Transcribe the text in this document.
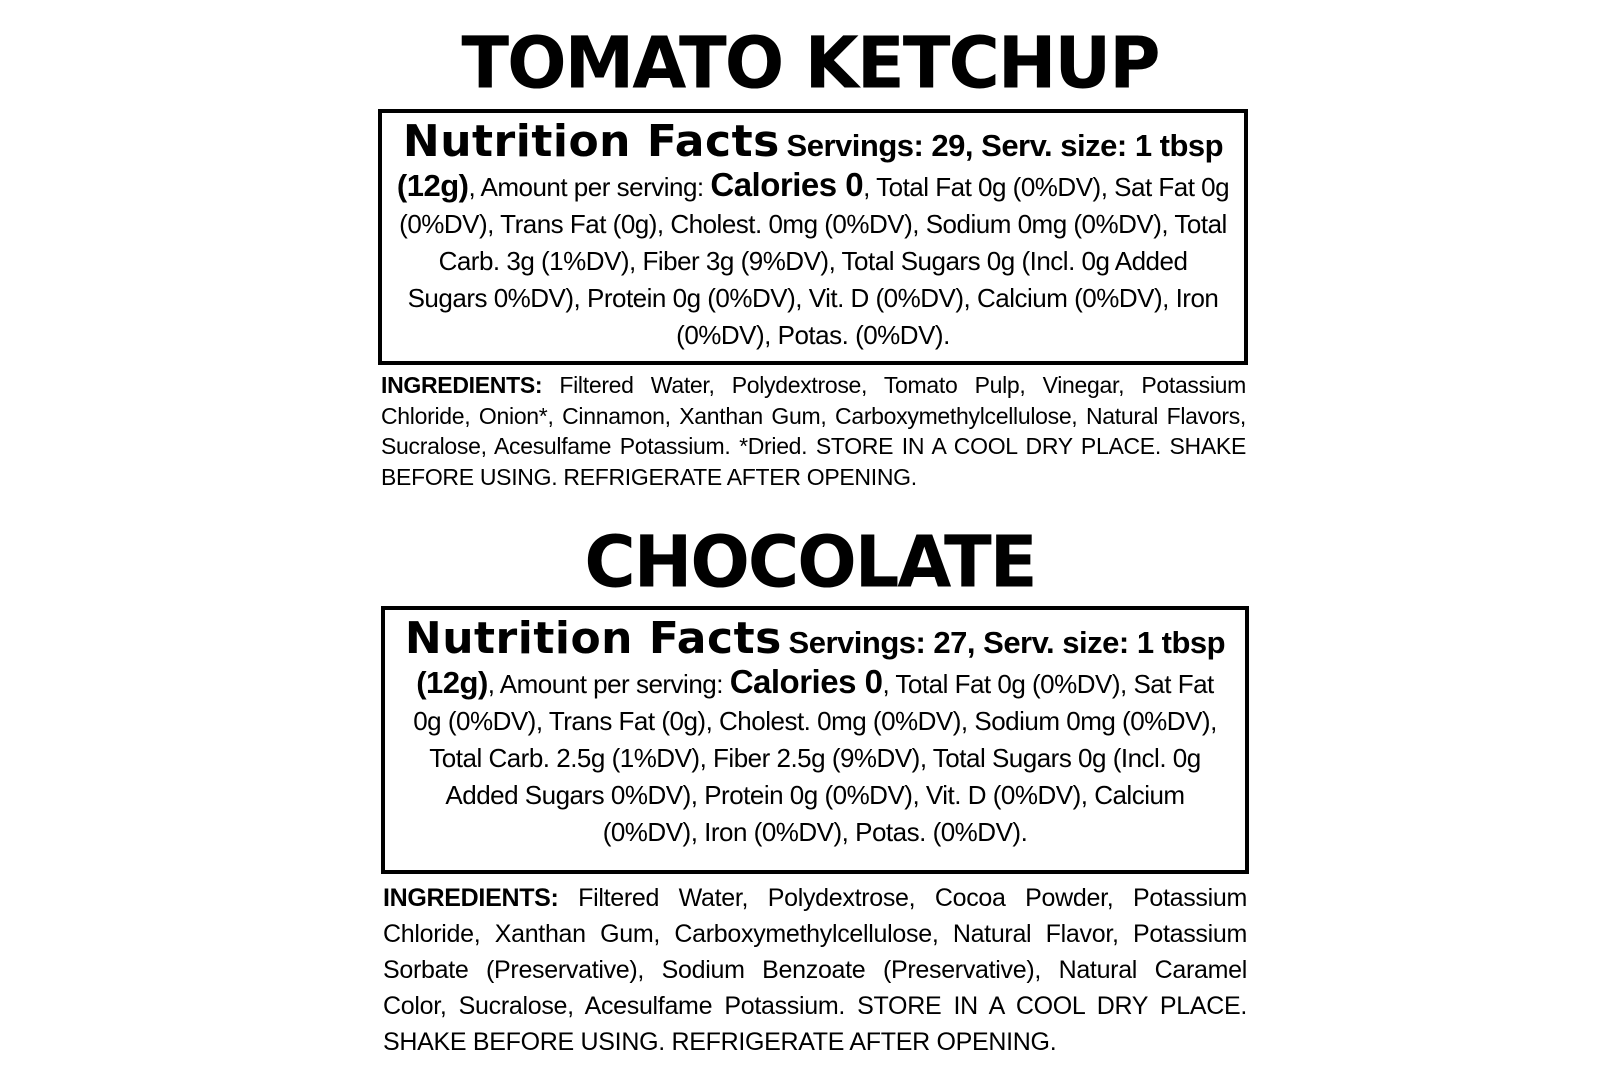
TOMATO KETCHUP
Nutrition Facts Servings: 29, Serv. size: 1 tbsp (12g), Amount per serving: Calories 0, Total Fat 0g (0%DV), Sat Fat 0g (0%DV), Trans Fat (0g), Cholest. 0mg (0%DV), Sodium 0mg (0%DV), Total Carb. 3g (1%DV), Fiber 3g (9%DV), Total Sugars 0g (Incl. 0g Added Sugars 0%DV), Protein 0g (0%DV), Vit. D (0%DV), Calcium (0%DV), Iron (0%DV), Potas. (0%DV).
INGREDIENTS: Filtered Water, Polydextrose, Tomato Pulp, Vinegar, Potassium Chloride, Onion*, Cinnamon, Xanthan Gum, Carboxymethylcellulose, Natural Flavors, Sucralose, Acesulfame Potassium. *Dried. STORE IN A COOL DRY PLACE. SHAKE BEFORE USING. REFRIGERATE AFTER OPENING.
CHOCOLATE
Nutrition Facts Servings: 27, Serv. size: 1 tbsp (12g), Amount per serving: Calories 0, Total Fat 0g (0%DV), Sat Fat 0g (0%DV), Trans Fat (0g), Cholest. 0mg (0%DV), Sodium 0mg (0%DV), Total Carb. 2.5g (1%DV), Fiber 2.5g (9%DV), Total Sugars 0g (Incl. 0g Added Sugars 0%DV), Protein 0g (0%DV), Vit. D (0%DV), Calcium (0%DV), Iron (0%DV), Potas. (0%DV).
INGREDIENTS: Filtered Water, Polydextrose, Cocoa Powder, Potassium Chloride, Xanthan Gum, Carboxymethylcellulose, Natural Flavor, Potassium Sorbate (Preservative), Sodium Benzoate (Preservative), Natural Caramel Color, Sucralose, Acesulfame Potassium. STORE IN A COOL DRY PLACE. SHAKE BEFORE USING. REFRIGERATE AFTER OPENING.
